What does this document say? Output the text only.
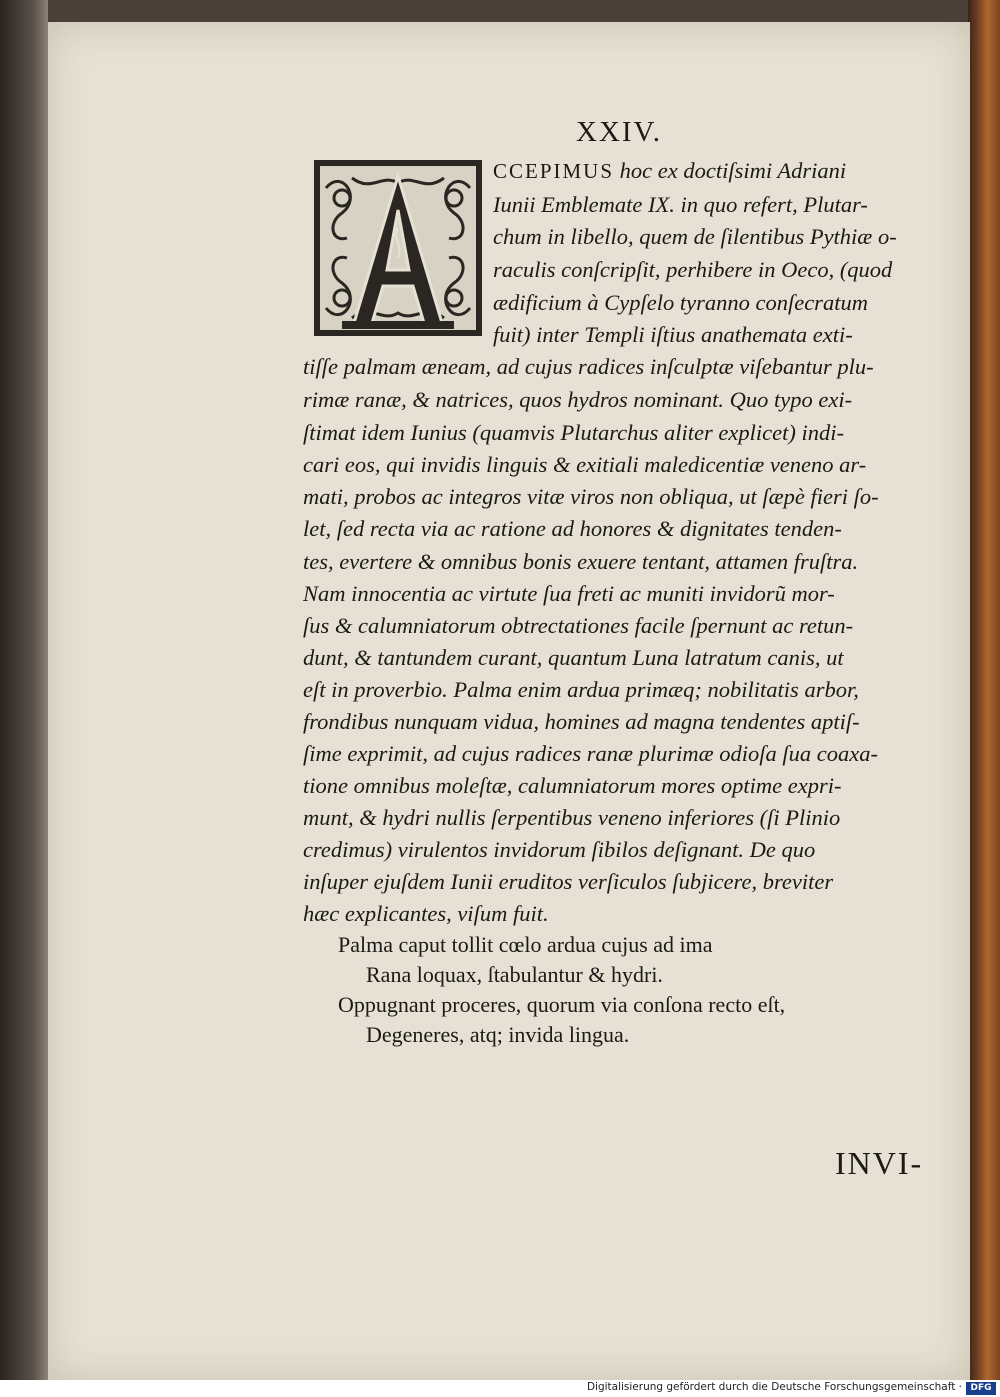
XXIV.
CCEPIMUS hoc ex doctiſsimi Adriani
Iunii Emblemate IX. in quo refert, Plutar-
chum in libello, quem de ſilentibus Pythiæ o-
raculis conſcripſit, perhibere in Oeco, (quod
ædificium à Cypſelo tyranno conſecratum
fuit) inter Templi iſtius anathemata exti-
tiſſe palmam æneam, ad cujus radices inſculptæ viſebantur plu-
rimæ ranæ, & natrices, quos hydros nominant. Quo typo exi-
ſtimat idem Iunius (quamvis Plutarchus aliter explicet) indi-
cari eos, qui invidis linguis & exitiali maledicentiæ veneno ar-
mati, probos ac integros vitæ viros non obliqua, ut ſæpè fieri ſo-
let, ſed recta via ac ratione ad honores & dignitates tenden-
tes, evertere & omnibus bonis exuere tentant, attamen fruſtra.
Nam innocentia ac virtute ſua freti ac muniti invidorũ mor-
ſus & calumniatorum obtrectationes facile ſpernunt ac retun-
dunt, & tantundem curant, quantum Luna latratum canis, ut
eſt in proverbio. Palma enim ardua primæq; nobilitatis arbor,
frondibus nunquam vidua, homines ad magna tendentes aptiſ-
ſime exprimit, ad cujus radices ranæ plurimæ odioſa ſua coaxa-
tione omnibus moleſtæ, calumniatorum mores optime expri-
munt, & hydri nullis ſerpentibus veneno inferiores (ſi Plinio
credimus) virulentos invidorum ſibilos deſignant. De quo
inſuper ejuſdem Iunii eruditos verſiculos ſubjicere, breviter
hæc explicantes, viſum fuit.
Palma caput tollit cœlo ardua cujus ad ima
Rana loquax, ſtabulantur & hydri.
Oppugnant proceres, quorum via conſona recto eſt,
Degeneres, atq; invida lingua.
INVI-
Digitalisierung gefördert durch die Deutsche Forschungsgemeinschaft · DFG
